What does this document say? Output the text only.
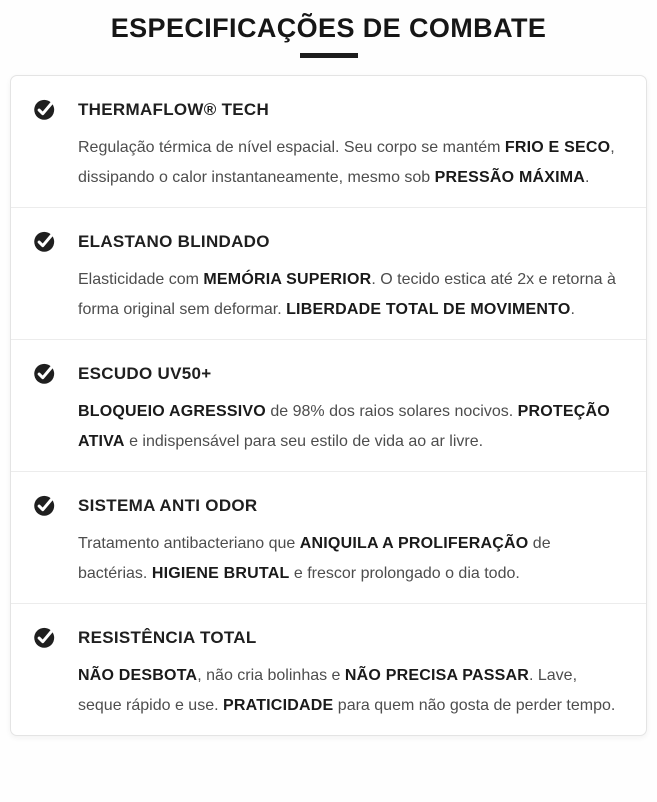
ESPECIFICAÇÕES DE COMBATE
THERMAFLOW® TECH

Regulação térmica de nível espacial. Seu corpo se mantém FRIO E SECO, dissipando o calor instantaneamente, mesmo sob PRESSÃO MÁXIMA.

ELASTANO BLINDADO

Elasticidade com MEMÓRIA SUPERIOR. O tecido estica até 2x e retorna à forma original sem deformar. LIBERDADE TOTAL DE MOVIMENTO.

ESCUDO UV50+

BLOQUEIO AGRESSIVO de 98% dos raios solares nocivos. PROTEÇÃO ATIVA e indispensável para seu estilo de vida ao ar livre.

SISTEMA ANTI ODOR

Tratamento antibacteriano que ANIQUILA A PROLIFERAÇÃO de bactérias. HIGIENE BRUTAL e frescor prolongado o dia todo.

RESISTÊNCIA TOTAL

NÃO DESBOTA, não cria bolinhas e NÃO PRECISA PASSAR. Lave, seque rápido e use. PRATICIDADE para quem não gosta de perder tempo.
